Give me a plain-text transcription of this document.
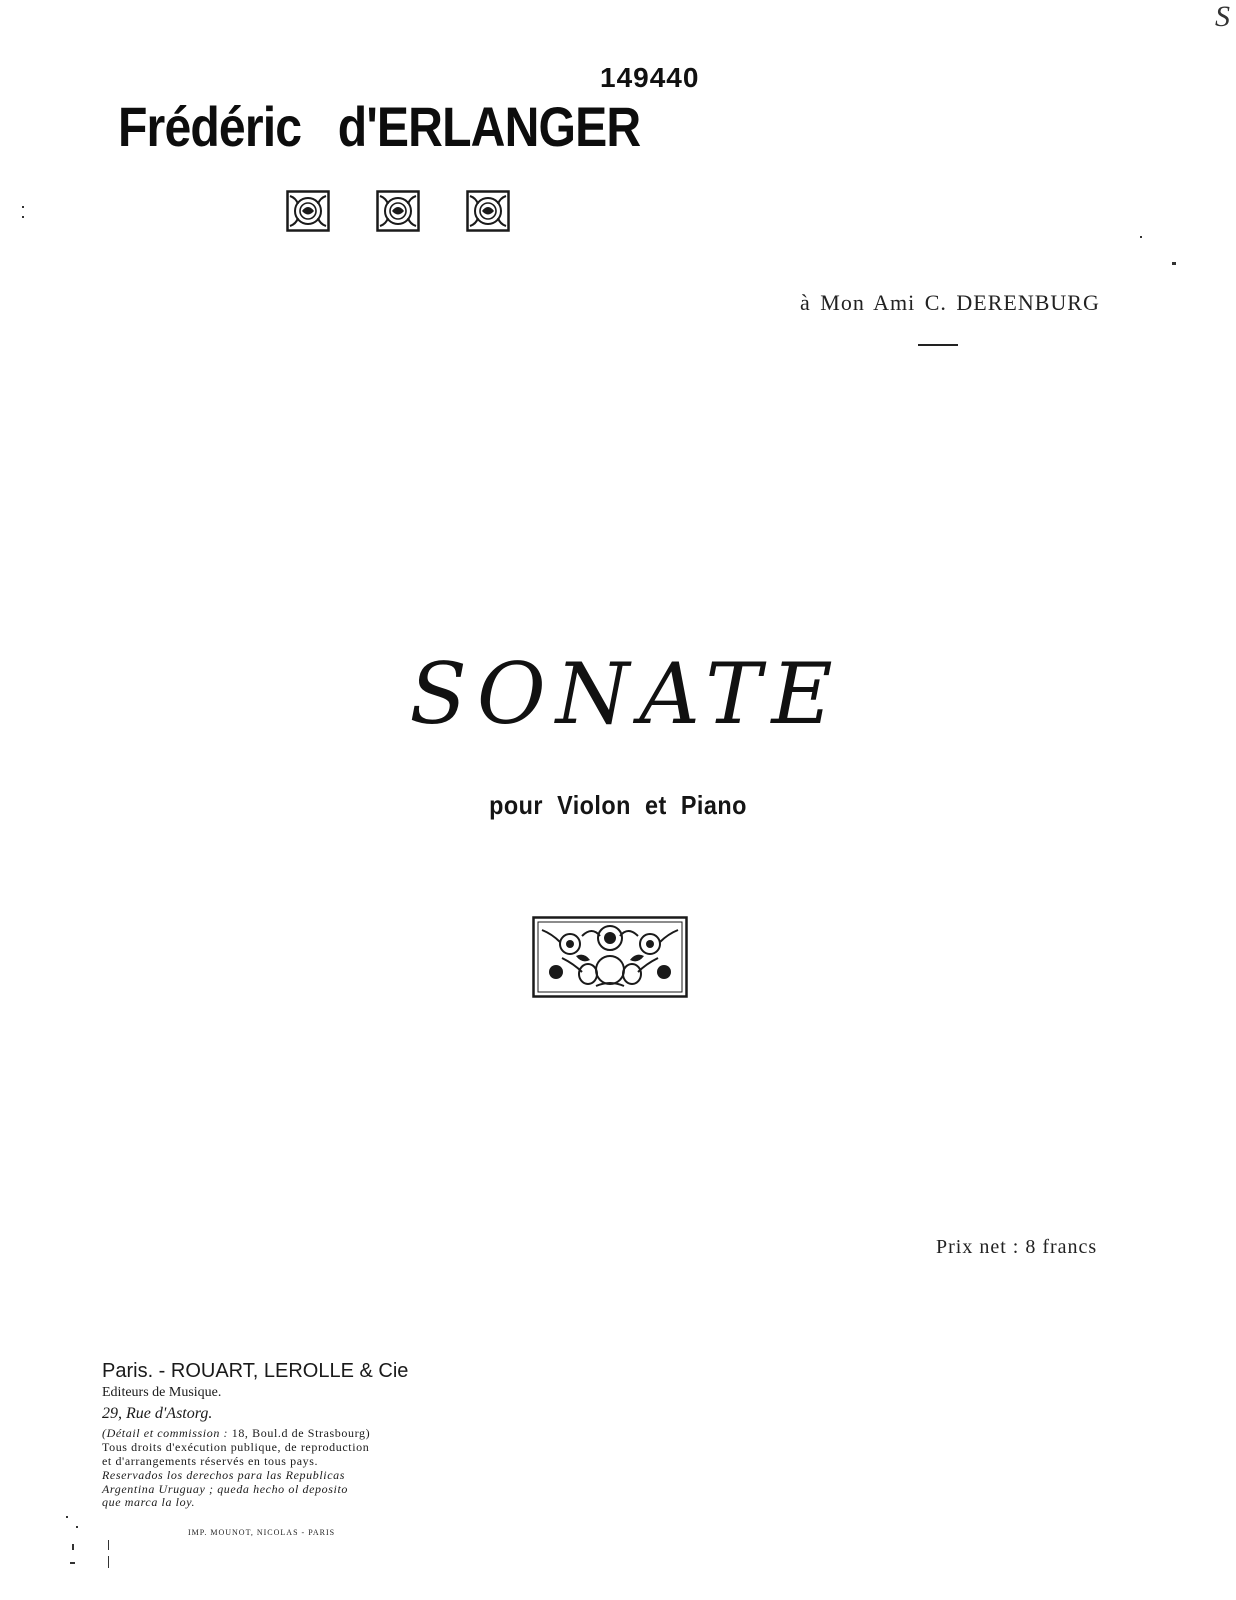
149440
Frédéric d'ERLANGER
à Mon Ami C. DERENBURG
SONATE
pour Violon et Piano
Prix net : 8 francs
Paris. - ROUART, LEROLLE & Cie
Editeurs de Musique.
29, Rue d'Astorg.
(Détail et commission : 18, Boul.d de Strasbourg)
Tous droits d'exécution publique, de reproduction
et d'arrangements réservés en tous pays.
Reservados los derechos para las Republicas
Argentina Uruguay ; queda hecho ol deposito
que marca la loy.
IMP. MOUNOT, NICOLAS - PARIS
S
